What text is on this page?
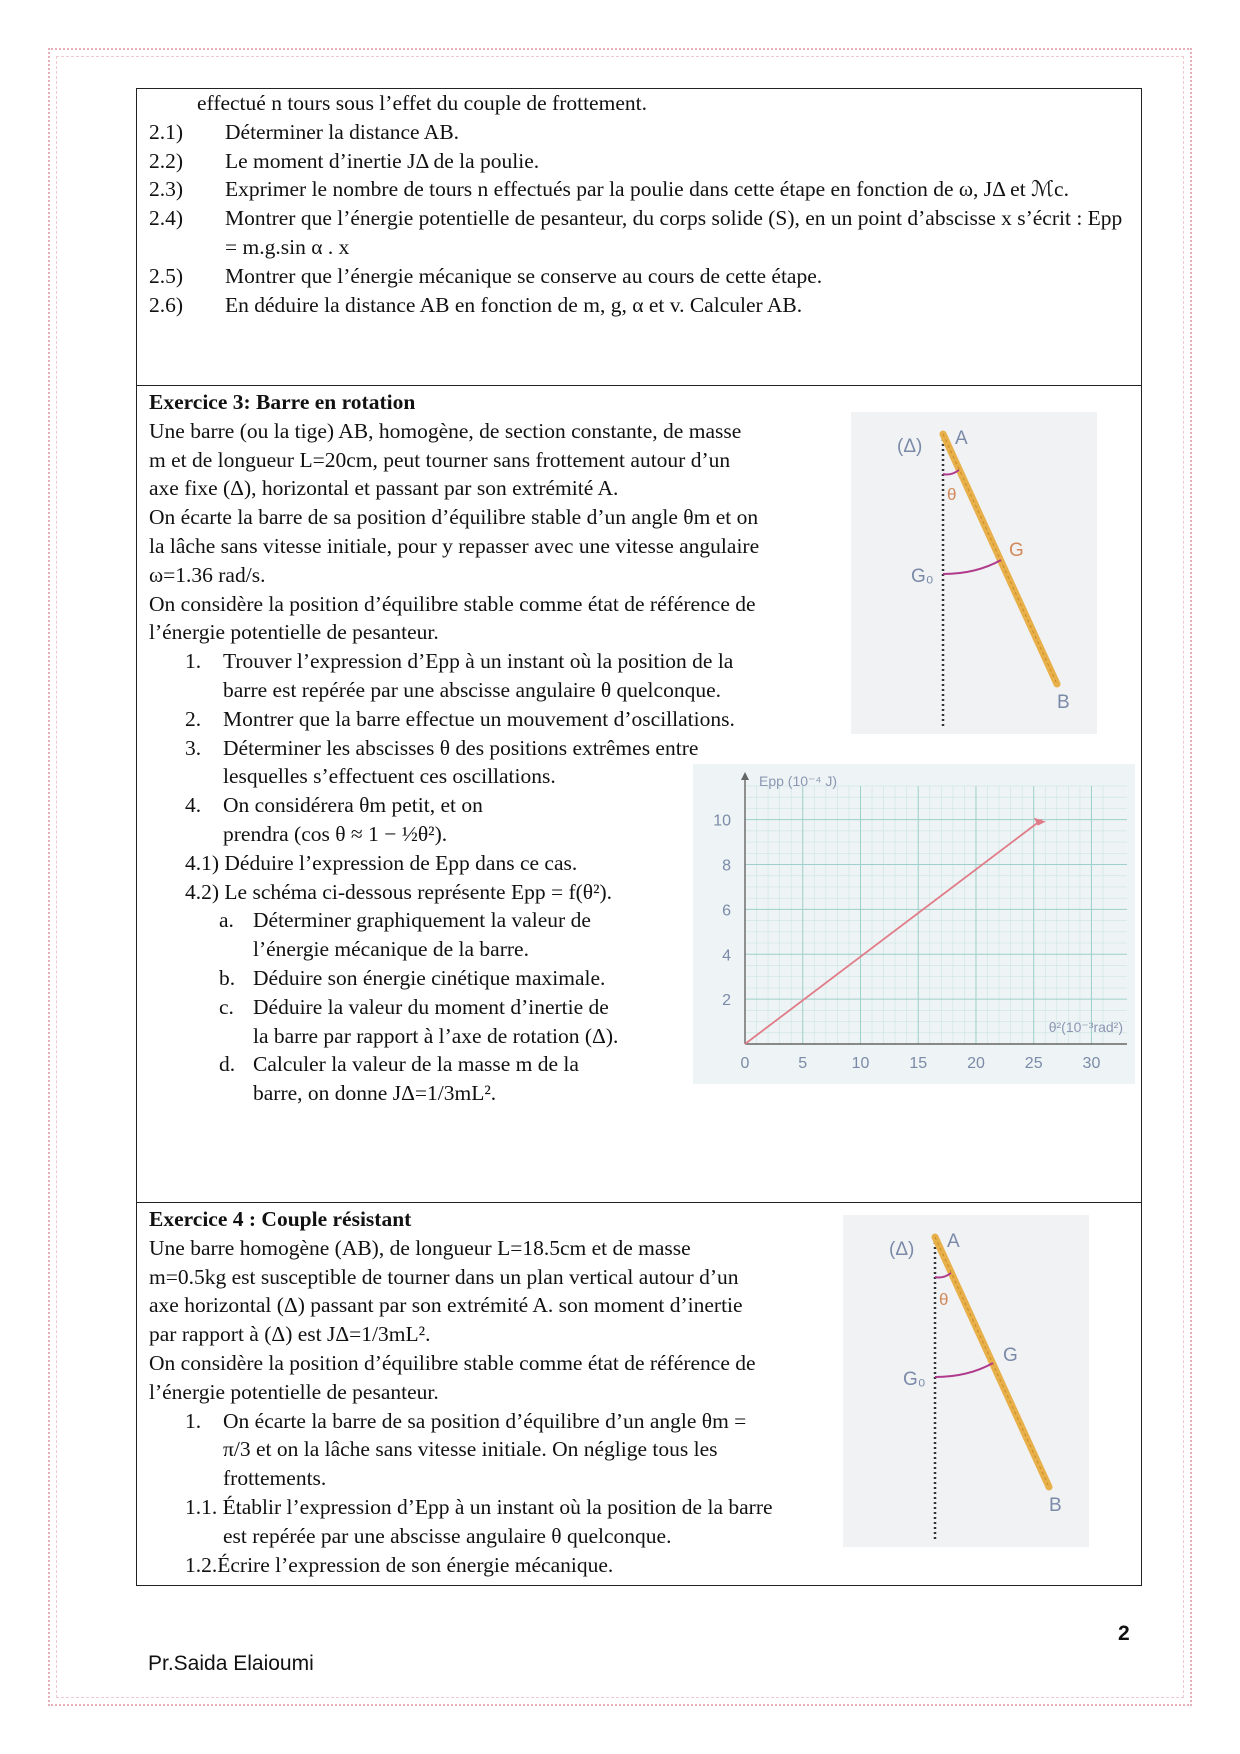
effectué n tours sous l’effet du couple de frottement.
2.1)	Déterminer la distance AB.
2.2)	Le moment d’inertie JΔ de la poulie.
2.3)	Exprimer le nombre de tours n effectués par la poulie dans cette étape en fonction de ω, JΔ et ℳc.
2.4)	Montrer que l’énergie potentielle de pesanteur, du corps solide (S), en un point d’abscisse x s’écrit : Epp = m.g.sin α . x
2.5)	Montrer que l’énergie mécanique se conserve au cours de cette étape.
2.6)	En déduire la distance AB en fonction de m, g, α et v. Calculer AB.
Exercice 3: Barre en rotation
Une barre (ou la tige) AB, homogène, de section constante, de masse m et de longueur L=20cm, peut tourner sans frottement autour d’un axe fixe (Δ), horizontal et passant par son extrémité A.
On écarte la barre de sa position d’équilibre stable d’un angle θm et on la lâche sans vitesse initiale, pour y repasser avec une vitesse angulaire ω=1.36 rad/s.
On considère la position d’équilibre stable comme état de référence de l’énergie potentielle de pesanteur.
1.	Trouver l’expression d’Epp à un instant où la position de la barre est repérée par une abscisse angulaire θ quelconque.
2.	Montrer que la barre effectue un mouvement d’oscillations.
3.	Déterminer les abscisses θ des positions extrêmes entre lesquelles s’effectuent ces oscillations.
4.	On considérera θm petit, et on
prendra (cos θ ≈ 1 − ½θ²).
4.1) Déduire l’expression de Epp dans ce cas.
4.2) Le schéma ci-dessous représente Epp = f(θ²).
a. Déterminer graphiquement la valeur de l’énergie mécanique de la barre.
b. Déduire son énergie cinétique maximale.
c. Déduire la valeur du moment d’inertie de la barre par rapport à l’axe de rotation (Δ).
d. Calculer la valeur de la masse m de la barre, on donne JΔ=1/3mL².
(Δ) A
θ
G
G₀
B
0	5	10 15 20 25 30
2
4
6
8
10
Epp (10⁻⁴ J)
θ²(10⁻³rad²)
Exercice 4 : Couple résistant
Une barre homogène (AB), de longueur L=18.5cm et de masse m=0.5kg est susceptible de tourner dans un plan vertical autour d’un axe horizontal (Δ) passant par son extrémité A. son moment d’inertie par rapport à (Δ) est JΔ=1/3mL².
On considère la position d’équilibre stable comme état de référence de l’énergie potentielle de pesanteur.
1.	On écarte la barre de sa position d’équilibre d’un angle θm = π/3 et on la lâche sans vitesse initiale. On néglige tous les frottements.
1.1. Établir l’expression d’Epp à un instant où la position de la barre est repérée par une abscisse angulaire θ quelconque.
1.2.Écrire l’expression de son énergie mécanique.
(Δ) A
θ
G
G₀
B
2
Pr.Saida Elaioumi
